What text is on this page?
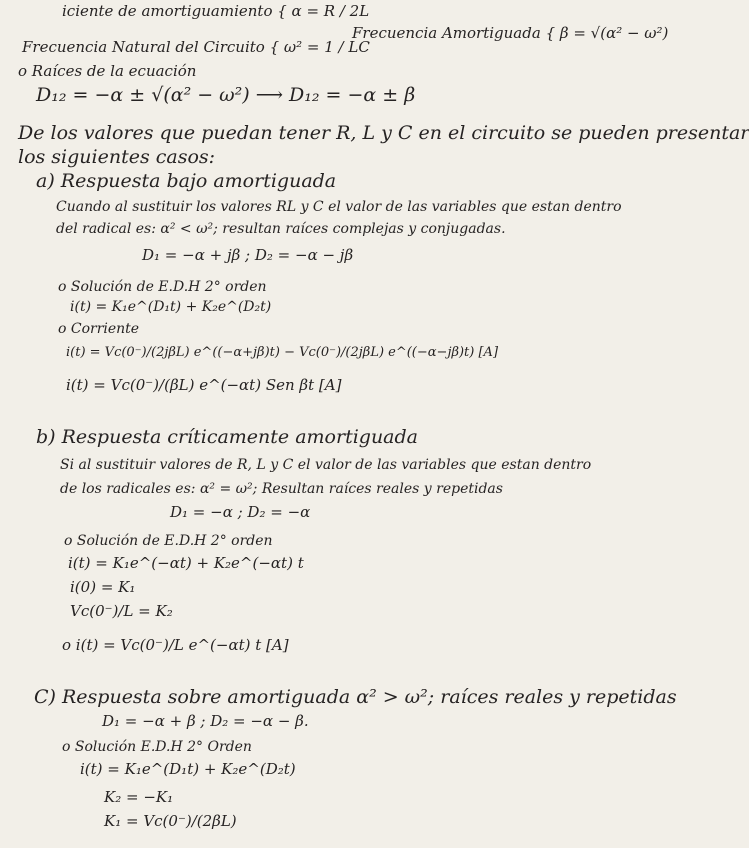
iciente de amortiguamiento { α = R / 2L
Frecuencia Amortiguada { β = √(α² − ω²)
Frecuencia Natural del Circuito { ω² = 1 / LC
o Raíces de la ecuación
D₁₂ = −α ± √(α² − ω²) ⟶ D₁₂ = −α ± β
De los valores que puedan tener R, L y C en el circuito se pueden presentar
los siguientes casos:
a) Respuesta bajo amortiguada
Cuando al sustituir los valores RL y C el valor de las variables que estan dentro
del radical es: α² < ω²; resultan raíces complejas y conjugadas.
D₁ = −α + jβ ; D₂ = −α − jβ
o Solución de E.D.H 2° orden
i(t) = K₁e^(D₁t) + K₂e^(D₂t)
o Corriente
i(t) = Vc(0⁻)/(2jβL) e^((−α+jβ)t) − Vc(0⁻)/(2jβL) e^((−α−jβ)t) [A]
i(t) = Vc(0⁻)/(βL) e^(−αt) Sen βt [A]
b) Respuesta críticamente amortiguada
Si al sustituir valores de R, L y C el valor de las variables que estan dentro
de los radicales es: α² = ω²; Resultan raíces reales y repetidas
D₁ = −α ; D₂ = −α
o Solución de E.D.H 2° orden
i(t) = K₁e^(−αt) + K₂e^(−αt) t
i(0) = K₁
Vc(0⁻)/L = K₂
o i(t) = Vc(0⁻)/L e^(−αt) t [A]
C) Respuesta sobre amortiguada α² > ω²; raíces reales y repetidas
D₁ = −α + β ; D₂ = −α − β.
o Solución E.D.H 2° Orden
i(t) = K₁e^(D₁t) + K₂e^(D₂t)
K₂ = −K₁
K₁ = Vc(0⁻)/(2βL)
